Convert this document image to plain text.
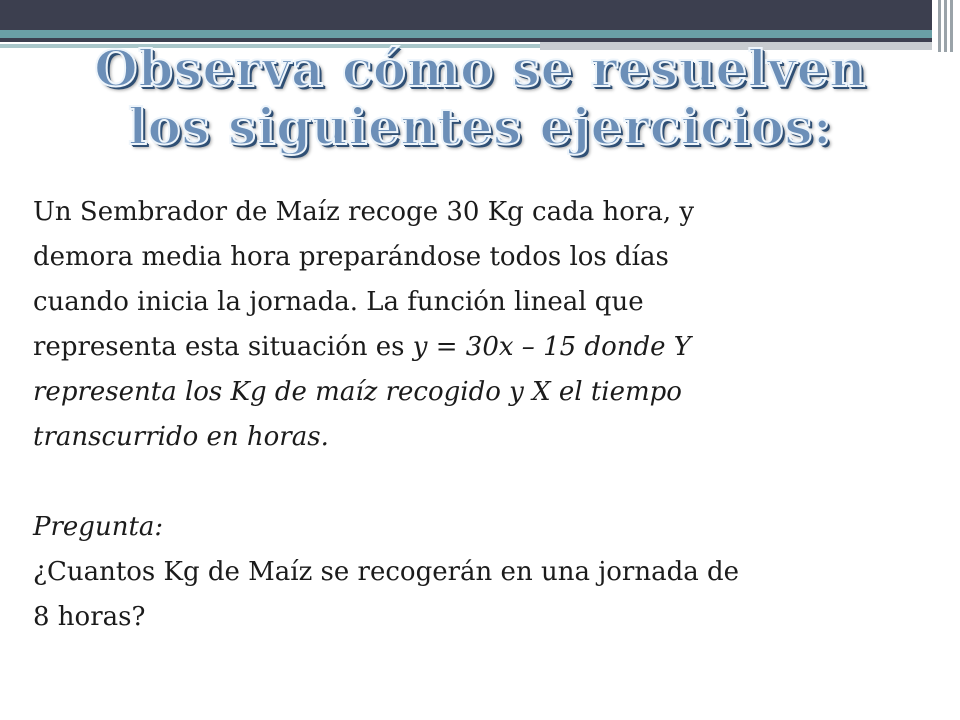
Observa cómo se resuelven
los siguientes ejercicios:
Un Sembrador de Maíz recoge 30 Kg cada hora, y
demora media hora preparándose todos los días
cuando inicia la jornada. La función lineal que
representa esta situación es y = 30x – 15 donde Y
representa los Kg de maíz recogido y X el tiempo
transcurrido en horas.
Pregunta:
¿Cuantos Kg de Maíz se recogerán en una jornada de
8 horas?
